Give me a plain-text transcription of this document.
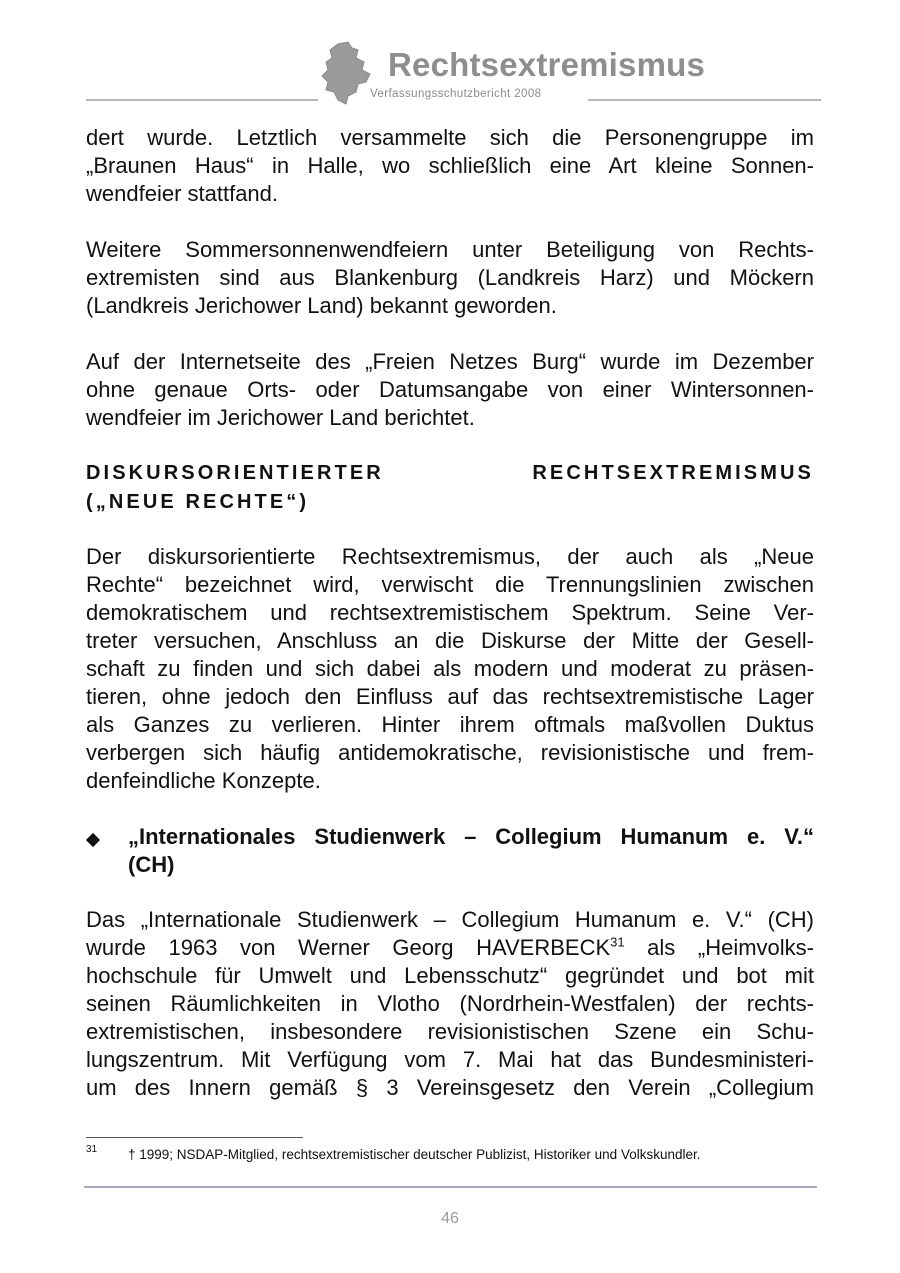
Rechtsextremismus
Verfassungsschutzbericht 2008
dert wurde. Letztlich versammelte sich die Personengruppe im
„Braunen Haus“ in Halle, wo schließlich eine Art kleine Sonnen-
wendfeier stattfand.
Weitere Sommersonnenwendfeiern unter Beteiligung von Rechts-
extremisten sind aus Blankenburg (Landkreis Harz) und Möckern
(Landkreis Jerichower Land) bekannt geworden.
Auf der Internetseite des „Freien Netzes Burg“ wurde im Dezember
ohne genaue Orts- oder Datumsangabe von einer Wintersonnen-
wendfeier im Jerichower Land berichtet.
DISKURSORIENTIERTER RECHTSEXTREMISMUS
(„NEUE RECHTE“)
Der diskursorientierte Rechtsextremismus, der auch als „Neue
Rechte“ bezeichnet wird, verwischt die Trennungslinien zwischen
demokratischem und rechtsextremistischem Spektrum. Seine Ver-
treter versuchen, Anschluss an die Diskurse der Mitte der Gesell-
schaft zu finden und sich dabei als modern und moderat zu präsen-
tieren, ohne jedoch den Einfluss auf das rechtsextremistische Lager
als Ganzes zu verlieren. Hinter ihrem oftmals maßvollen Duktus
verbergen sich häufig antidemokratische, revisionistische und frem-
denfeindliche Konzepte.
„Internationales Studienwerk – Collegium Humanum e. V.“
(CH)
Das „Internationale Studienwerk – Collegium Humanum e. V.“ (CH)
wurde 1963 von Werner Georg HAVERBECK$^{31}$ als „Heimvolks-
hochschule für Umwelt und Lebensschutz“ gegründet und bot mit
seinen Räumlichkeiten in Vlotho (Nordrhein-Westfalen) der rechts-
extremistischen, insbesondere revisionistischen Szene ein Schu-
lungszentrum. Mit Verfügung vom 7. Mai hat das Bundesministeri-
um des Innern gemäß § 3 Vereinsgesetz den Verein „Collegium
31 † 1999; NSDAP-Mitglied, rechtsextremistischer deutscher Publizist, Historiker und Volkskundler.
46
